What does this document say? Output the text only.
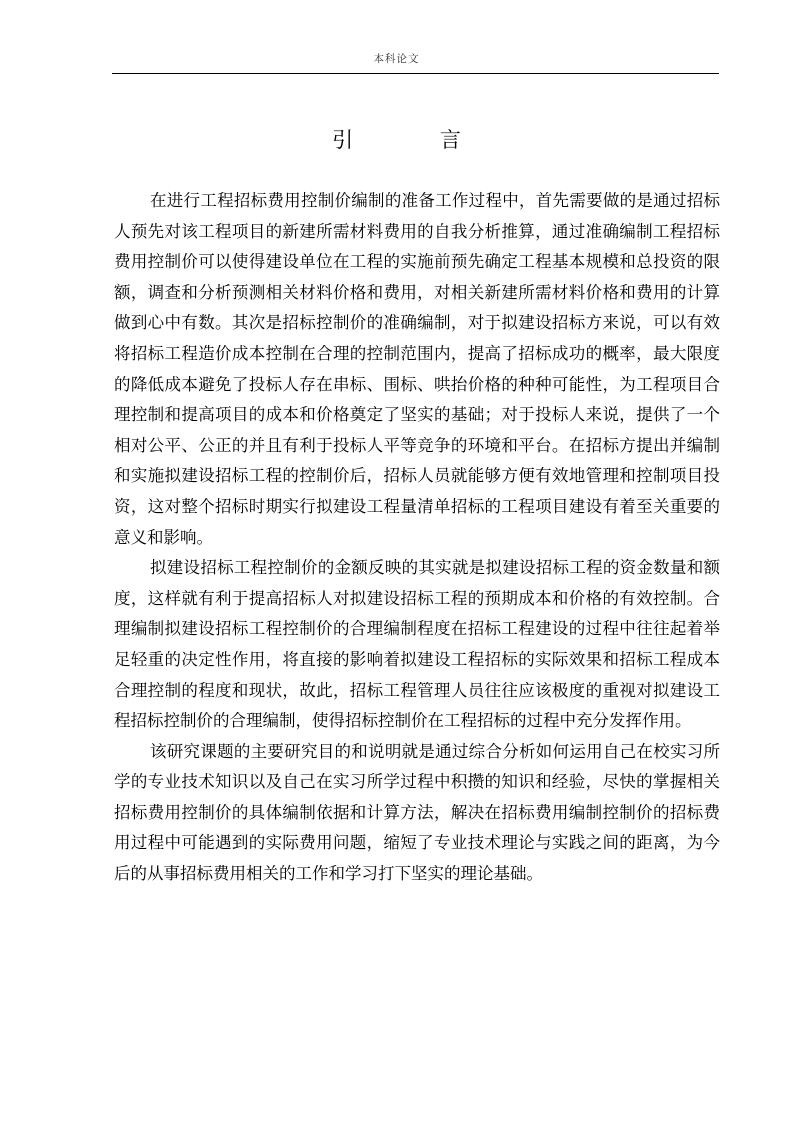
本科论文
引 言

在进行工程招标费用控制价编制的准备工作过程中，首先需要做的是通过招标人预先对该工程项目的新建所需材料费用的自我分析推算，通过准确编制工程招标费用控制价可以使得建设单位在工程的实施前预先确定工程基本规模和总投资的限额，调查和分析预测相关材料价格和费用，对相关新建所需材料价格和费用的计算做到心中有数。其次是招标控制价的准确编制，对于拟建设招标方来说，可以有效将招标工程造价成本控制在合理的控制范围内，提高了招标成功的概率，最大限度的降低成本避免了投标人存在串标、围标、哄抬价格的种种可能性，为工程项目合理控制和提高项目的成本和价格奠定了坚实的基础；对于投标人来说，提供了一个相对公平、公正的并且有利于投标人平等竞争的环境和平台。在招标方提出并编制和实施拟建设招标工程的控制价后，招标人员就能够方便有效地管理和控制项目投资，这对整个招标时期实行拟建设工程量清单招标的工程项目建设有着至关重要的意义和影响。

拟建设招标工程控制价的金额反映的其实就是拟建设招标工程的资金数量和额度，这样就有利于提高招标人对拟建设招标工程的预期成本和价格的有效控制。合理编制拟建设招标工程控制价的合理编制程度在招标工程建设的过程中往往起着举足轻重的决定性作用，将直接的影响着拟建设工程招标的实际效果和招标工程成本合理控制的程度和现状，故此，招标工程管理人员往往应该极度的重视对拟建设工程招标控制价的合理编制，使得招标控制价在工程招标的过程中充分发挥作用。

该研究课题的主要研究目的和说明就是通过综合分析如何运用自己在校实习所学的专业技术知识以及自己在实习所学过程中积攒的知识和经验，尽快的掌握相关招标费用控制价的具体编制依据和计算方法，解决在招标费用编制控制价的招标费用过程中可能遇到的实际费用问题，缩短了专业技术理论与实践之间的距离，为今后的从事招标费用相关的工作和学习打下坚实的理论基础。
